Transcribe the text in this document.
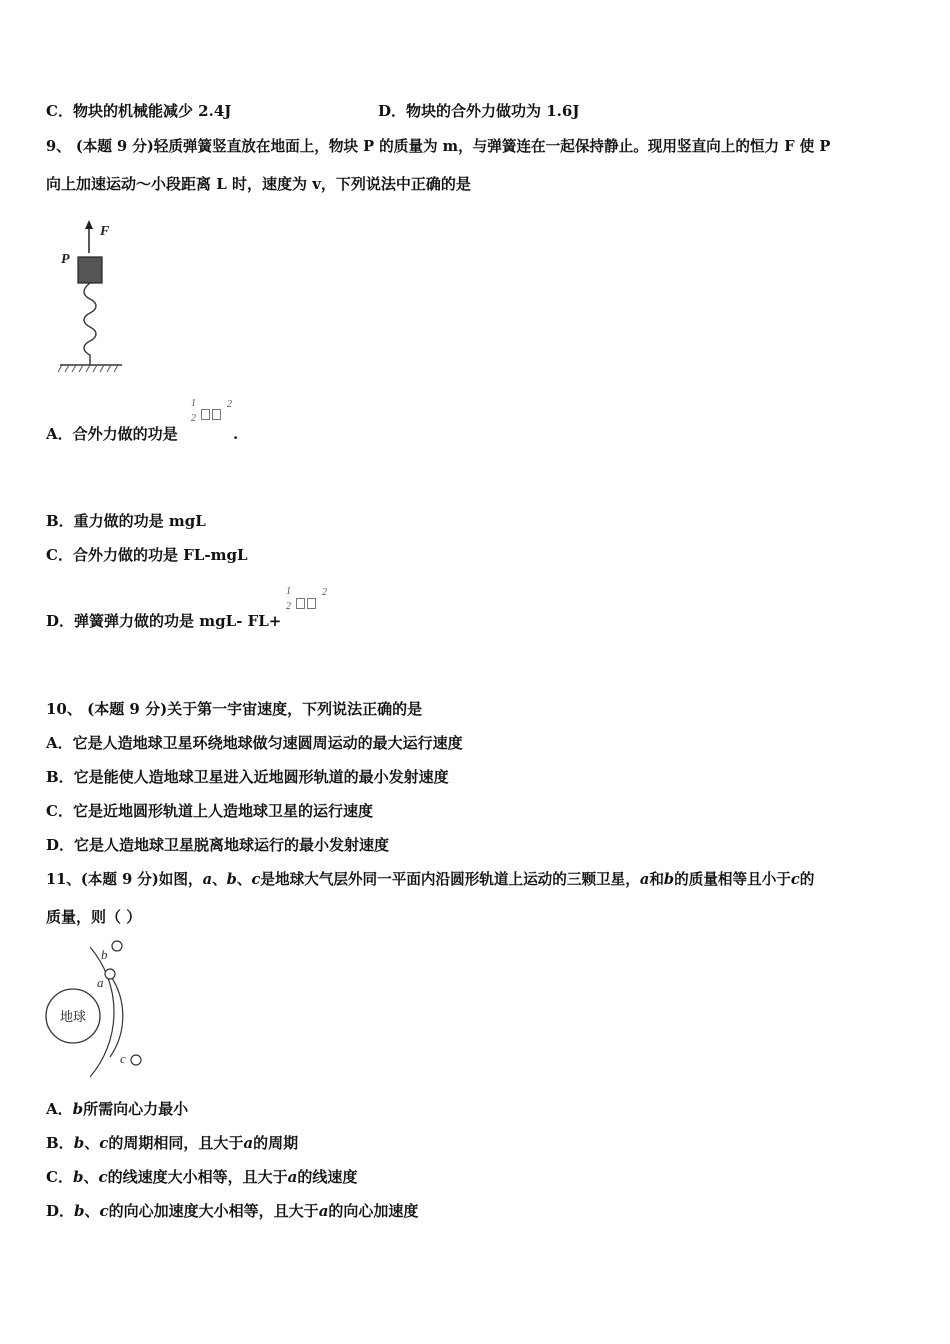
C．物块的机械能减少 2.4J	D．物块的合外力做功为 1.6J
9、 (本题 9 分)轻质弹簧竖直放在地面上，物块 P 的质量为 m，与弹簧连在一起保持静止。现用竖直向上的恒力 F 使 P
向上加速运动～小段距离 L 时，速度为 v，下列说法中正确的是
F
P
A．合外力做的功是
1
2
2
.
B．重力做的功是 mgL
C．合外力做的功是 FL-mgL
D．弹簧弹力做的功是 mgL- FL+
1
2
2
10、 (本题 9 分)关于第一宇宙速度，下列说法正确的是
A．它是人造地球卫星环绕地球做匀速圆周运动的最大运行速度
B．它是能使人造地球卫星进入近地圆形轨道的最小发射速度
C．它是近地圆形轨道上人造地球卫星的运行速度
D．它是人造地球卫星脱离地球运行的最小发射速度
11、(本题 9 分)如图，a、b、c是地球大气层外同一平面内沿圆形轨道上运动的三颗卫星，a和b的质量相等且小于c的
质量，则（ ）
地球
a
b
c
A．b所需向心力最小
B．b、c的周期相同，且大于a的周期
C．b、c的线速度大小相等，且大于a的线速度
D．b、c的向心加速度大小相等，且大于a的向心加速度
